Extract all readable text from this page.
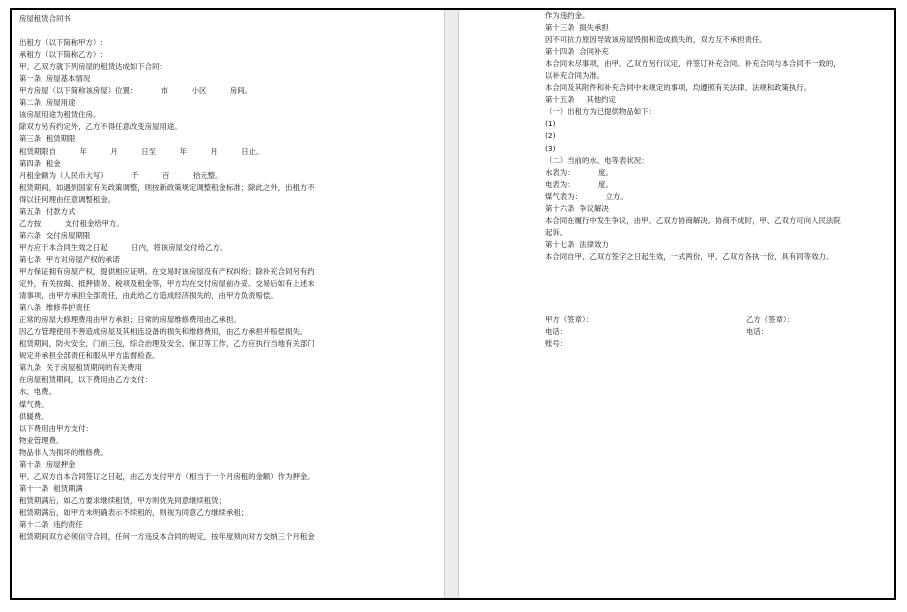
房屋租赁合同书
出租方（以下简称甲方）:
承租方（以下简称乙方）:
甲、乙双方就下列房屋的租赁达成如下合同：
第一条  房屋基本情况
甲方房屋（以下简称该房屋）位置：          市          小区          房间。
第二条  房屋用途
该房屋用途为租赁住房。
除双方另有约定外，乙方不得任意改变房屋用途。
第三条  租赁期限
租赁期限自          年          月          日至          年          月          日止。
第四条  租金
月租金额为（人民币大写）          千          百          拾元整。
租赁期间，如遇到国家有关政策调整，则按新政策规定调整租金标准；除此之外，出租方不
得以任何理由任意调整租金。
第五条  付款方式
乙方按          支付租金给甲方。
第六条  交付房屋期限
甲方应于本合同生效之日起          日内，将该房屋交付给乙方。
第七条  甲方对房屋产权的承诺
甲方保证拥有房屋产权，提供相应证明。在交易时该房屋没有产权纠纷；除补充合同另有约
定外，有关按揭、抵押债务、税项及租金等，甲方均在交付房屋前办妥。交易后如有上述未
清事项，由甲方承担全部责任，由此给乙方造成经济损失的，由甲方负责赔偿。
第八条  维修养护责任
正常的房屋大修理费用由甲方承担；日常的房屋维修费用由乙承担。
因乙方管理使用不善造成房屋及其相连设备的损失和维修费用，由乙方承担并赔偿损失。
租赁期间，防火安全，门前三包，综合治理及安全、保卫等工作，乙方应执行当地有关部门
规定并承担全部责任和服从甲方监督检查。
第九条  关于房屋租赁期间的有关费用
在房屋租赁期间，以下费用由乙方支付：
水、电费。
煤气费。
供暖费。
以下费用由甲方支付：
物业管理费。
物品非人为损坏的维修费。
第十条  房屋押金
甲、乙双方自本合同签订之日起，由乙方支付甲方（相当于一个月房租的金额）作为押金。
第十一条  租赁期满
租赁期满后，如乙方要求继续租赁，甲方则优先同意继续租赁；
租赁期满后，如甲方未明确表示不续租的，则视为同意乙方继续承租；
第十二条  违约责任
租赁期间双方必须信守合同，任何一方违反本合同的规定，按年度须向对方交纳三个月租金
作为违约金。
第十三条  损失承担
因不可抗力原因导致该房屋毁损和造成损失的，双方互不承担责任。
第十四条  合同补充
本合同未尽事项，由甲、乙双方另行议定，并签订补充合同。补充合同与本合同不一致的，
以补充合同为准。
本合同及其附件和补充合同中未规定的事项，均遵照有关法律、法规和政策执行。
第十五条     其他约定
（一）出租方为已提供物品如下：
(1)
(2)
(3)
（二）当前的水、电等表状况：
水表为：          度。
电表为：          度。
煤气表为：          立方。
第十六条  争议解决
本合同在履行中发生争议，由甲、乙双方协商解决。协商不成时，甲、乙双方可向人民法院
起诉。
第十七条  法律效力
本合同自甲、乙双方签字之日起生效，一式两份，甲、乙双方各执一份，具有同等效力。
甲方（签章）：	乙方（签章）：
电话：	电话：
账号：
